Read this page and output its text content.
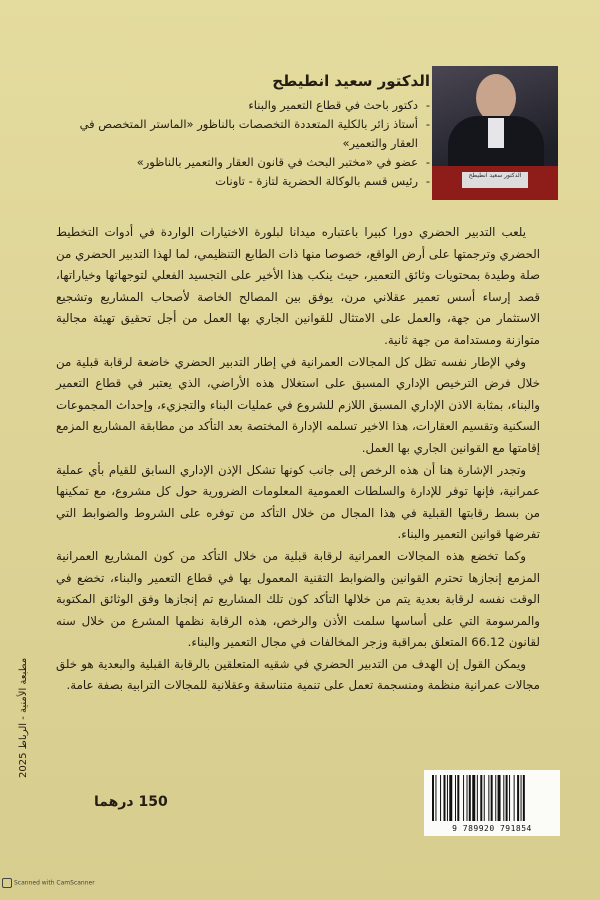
الدكتور سعيد انطيطح
الدكتور سعيد انطيطح
- دكتور باحث في قطاع التعمير والبناء
- أستاذ زائر بالكلية المتعددة التخصصات بالناظور «الماستر المتخصص في العقار والتعمير»
- عضو في «مختبر البحث في قانون العقار والتعمير بالناظور»
- رئيس قسم بالوكالة الحضرية لتازة - تاونات

يلعب التدبير الحضري دورا كبيرا باعتباره ميدانا لبلورة الاختيارات الواردة في أدوات التخطيط الحضري وترجمتها على أرض الواقع، خصوصا منها ذات الطابع التنظيمي، لما لهذا التدبير الحضري من صلة وطيدة بمحتويات وثائق التعمير، حيث ينكب هذا الأخير على التجسيد الفعلي لتوجهاتها وخياراتها، قصد إرساء أسس تعمير عقلاني مرن، يوفق بين المصالح الخاصة لأصحاب المشاريع وتشجيع الاستثمار من جهة، والعمل على الامتثال للقوانين الجاري بها العمل من أجل تحقيق تهيئة مجالية متوازنة ومستدامة من جهة ثانية.

وفي الإطار نفسه تظل كل المجالات العمرانية في إطار التدبير الحضري خاضعة لرقابة قبلية من خلال فرض الترخيص الإداري المسبق على استغلال هذه الأراضي، الذي يعتبر في قطاع التعمير والبناء، بمثابة الاذن الإداري المسبق اللازم للشروع في عمليات البناء والتجزيء، وإحداث المجموعات السكنية وتقسيم العقارات، هذا الاخير تسلمه الإدارة المختصة بعد التأكد من مطابقة المشاريع المزمع إقامتها مع القوانين الجاري بها العمل.

وتجدر الإشارة هنا أن هذه الرخص إلى جانب كونها تشكل الإذن الإداري السابق للقيام بأي عملية عمرانية، فإنها توفر للإدارة والسلطات العمومية المعلومات الضرورية حول كل مشروع، مع تمكينها من بسط رقابتها القبلية في هذا المجال من خلال التأكد من توفره على الشروط والضوابط التي تفرضها قوانين التعمير والبناء.

وكما تخضع هذه المجالات العمرانية لرقابة قبلية من خلال التأكد من كون المشاريع العمرانية المزمع إنجازها تحترم القوانين والضوابط التقنية المعمول بها في قطاع التعمير والبناء، تخضع في الوقت نفسه لرقابة بعدية يتم من خلالها التأكد كون تلك المشاريع تم إنجازها وفق الوثائق المكتوبة والمرسومة التي على أساسها سلمت الأذن والرخص، هذه الرقابة نظمها المشرع من خلال سنه لقانون 66.12 المتعلق بمراقبة وزجر المخالفات في مجال التعمير والبناء.

ويمكن القول إن الهدف من التدبير الحضري في شقيه المتعلقين بالرقابة القبلية والبعدية هو خلق مجالات عمرانية منظمة ومنسجمة تعمل على تنمية متناسقة وعقلانية للمجالات الترابية بصفة عامة.

مطبعة الأمنية - الرباط 2025
150 درهما
9 789920 791854
Scanned with CamScanner
